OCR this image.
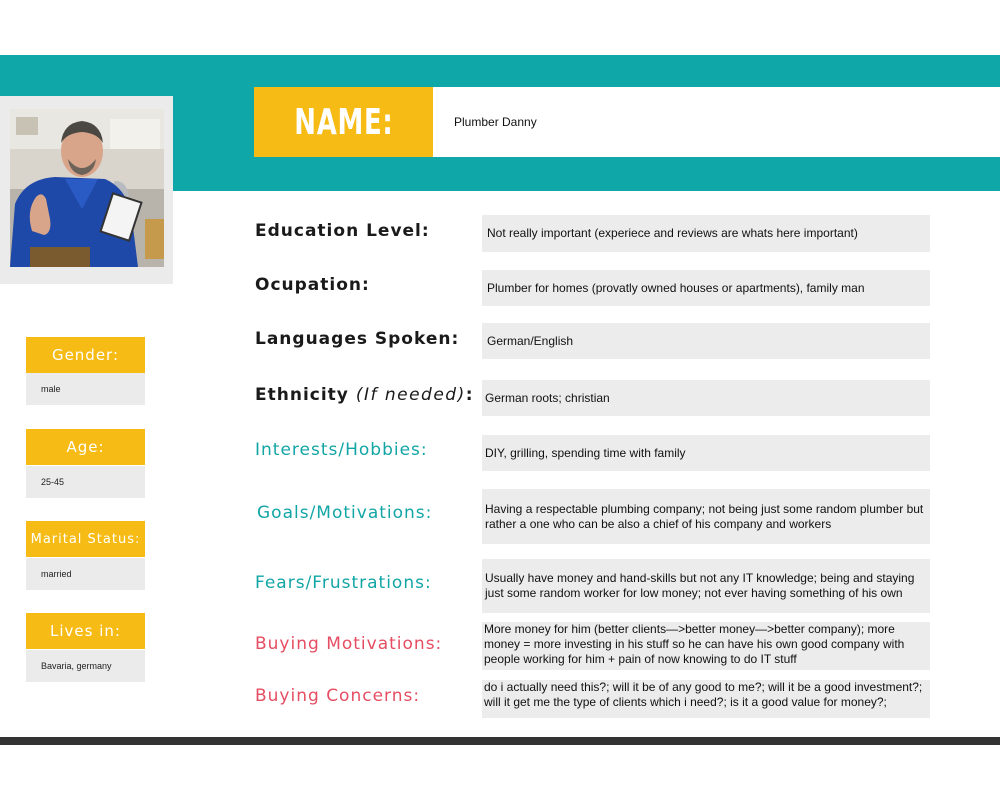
NAME:	Plumber Danny
Gender:
male
Age:
25-45
Marital Status:
married
Lives in:
Bavaria, germany
Education Level:	Not really important (experiece and reviews are whats here important)
Ocupation:	Plumber for homes (provatly owned houses or apartments), family man
Languages Spoken:	German/English
Ethnicity (If needed): German roots; christian
Interests/Hobbies:	DIY, grilling, spending time with family
Goals/Motivations:	Having a respectable plumbing company; not being just some random plumber but rather a one who can be also a chief of his company and workers
Fears/Frustrations:	Usually have money and hand-skills but not any IT knowledge; being and staying just some random worker for low money; not ever having something of his own
Buying Motivations:
More money for him (better clients—>better money—>better company); more money = more investing in his stuff so he can have his own good company with people working for him + pain of now knowing to do IT stuff
Buying Concerns:	do i actually need this?; will it be of any good to me?; will it be a good investment?; will it get me the type of clients which i need?; is it a good value for money?;
